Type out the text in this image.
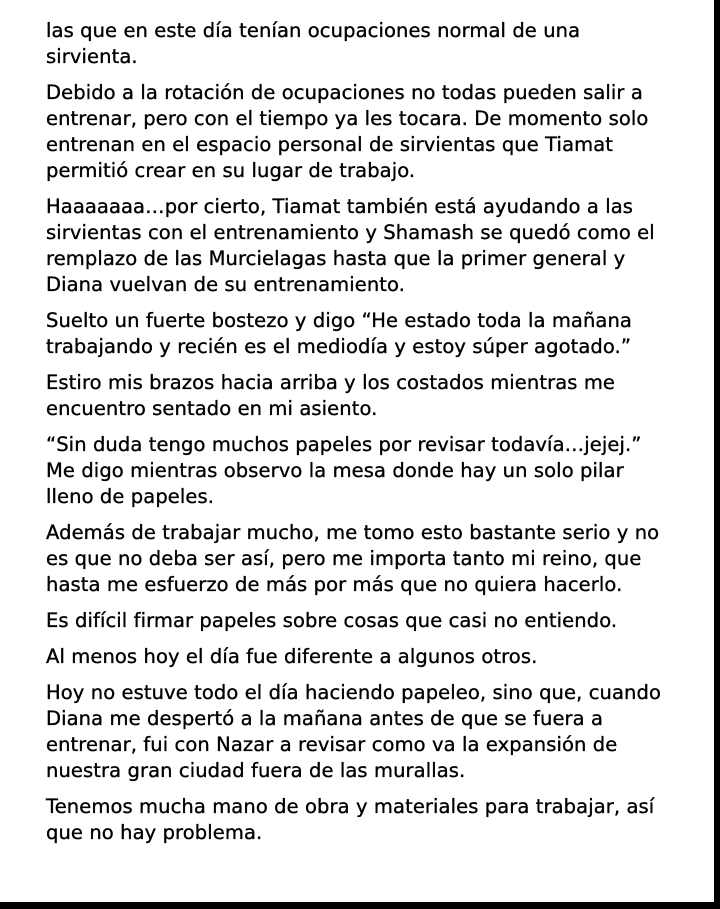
las que en este día tenían ocupaciones normal de una
sirvienta.
Debido a la rotación de ocupaciones no todas pueden salir a
entrenar, pero con el tiempo ya les tocara. De momento solo
entrenan en el espacio personal de sirvientas que Tiamat
permitió crear en su lugar de trabajo.
Haaaaaaa…por cierto, Tiamat también está ayudando a las
sirvientas con el entrenamiento y Shamash se quedó como el
remplazo de las Murcielagas hasta que la primer general y
Diana vuelvan de su entrenamiento.
Suelto un fuerte bostezo y digo “He estado toda la mañana
trabajando y recién es el mediodía y estoy súper agotado.”
Estiro mis brazos hacia arriba y los costados mientras me
encuentro sentado en mi asiento.
“Sin duda tengo muchos papeles por revisar todavía…jejej.”
Me digo mientras observo la mesa donde hay un solo pilar
lleno de papeles.
Además de trabajar mucho, me tomo esto bastante serio y no
es que no deba ser así, pero me importa tanto mi reino, que
hasta me esfuerzo de más por más que no quiera hacerlo.
Es difícil firmar papeles sobre cosas que casi no entiendo.
Al menos hoy el día fue diferente a algunos otros.
Hoy no estuve todo el día haciendo papeleo, sino que, cuando
Diana me despertó a la mañana antes de que se fuera a
entrenar, fui con Nazar a revisar como va la expansión de
nuestra gran ciudad fuera de las murallas.
Tenemos mucha mano de obra y materiales para trabajar, así
que no hay problema.
